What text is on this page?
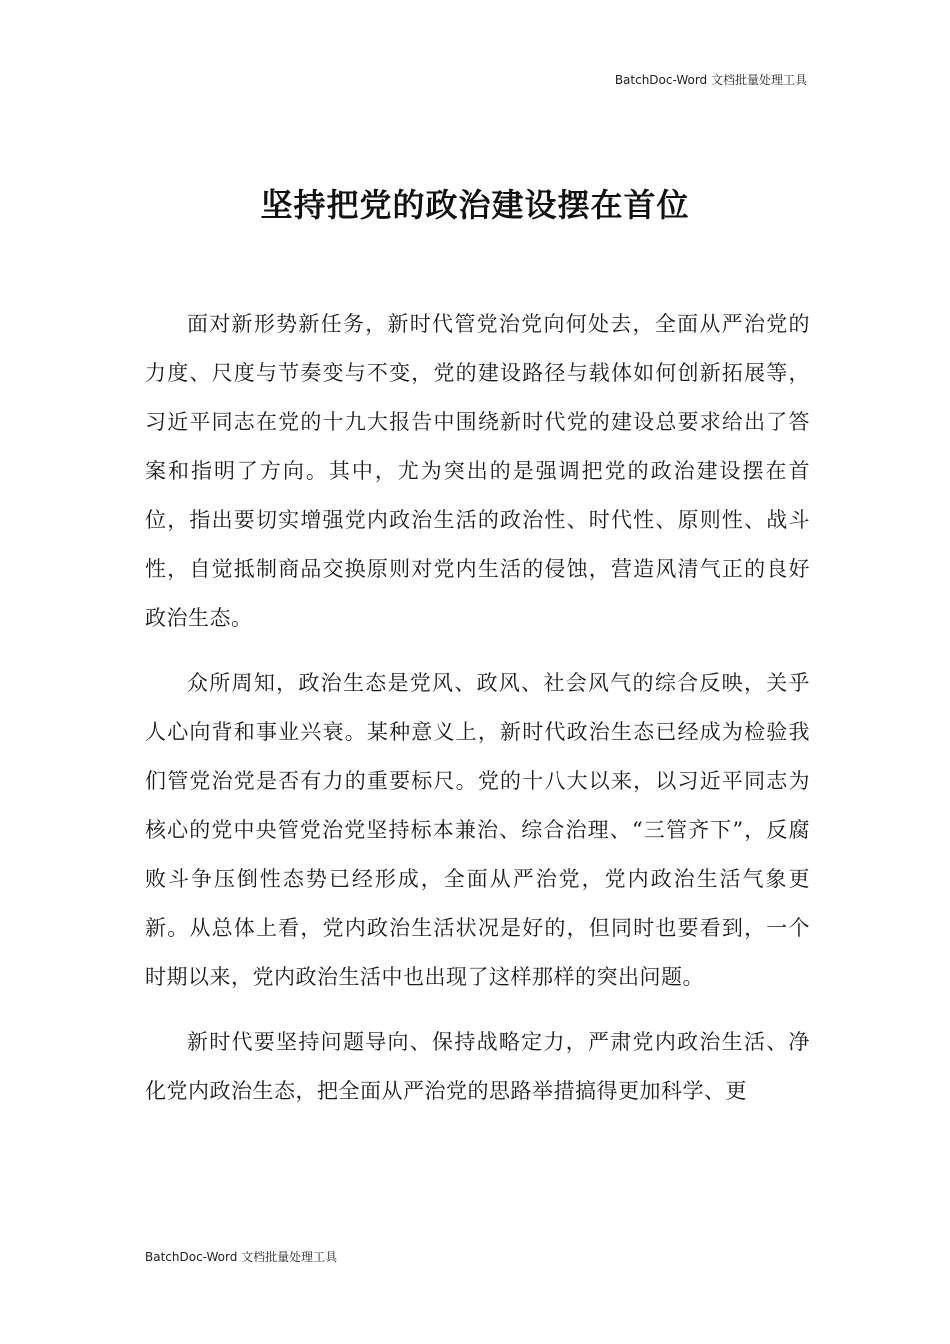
BatchDoc-Word 文档批量处理工具
坚持把党的政治建设摆在首位

面对新形势新任务，新时代管党治党向何处去，全面从严治党的力度、尺度与节奏变与不变，党的建设路径与载体如何创新拓展等，习近平同志在党的十九大报告中围绕新时代党的建设总要求给出了答案和指明了方向。其中，尤为突出的是强调把党的政治建设摆在首位，指出要切实增强党内政治生活的政治性、时代性、原则性、战斗性，自觉抵制商品交换原则对党内生活的侵蚀，营造风清气正的良好政治生态。

众所周知，政治生态是党风、政风、社会风气的综合反映，关乎人心向背和事业兴衰。某种意义上，新时代政治生态已经成为检验我们管党治党是否有力的重要标尺。党的十八大以来，以习近平同志为核心的党中央管党治党坚持标本兼治、综合治理、“三管齐下”，反腐败斗争压倒性态势已经形成，全面从严治党，党内政治生活气象更新。从总体上看，党内政治生活状况是好的，但同时也要看到，一个时期以来，党内政治生活中也出现了这样那样的突出问题。

新时代要坚持问题导向、保持战略定力，严肃党内政治生活、净化党内政治生态，把全面从严治党的思路举措搞得更加科学、更

BatchDoc-Word 文档批量处理工具
